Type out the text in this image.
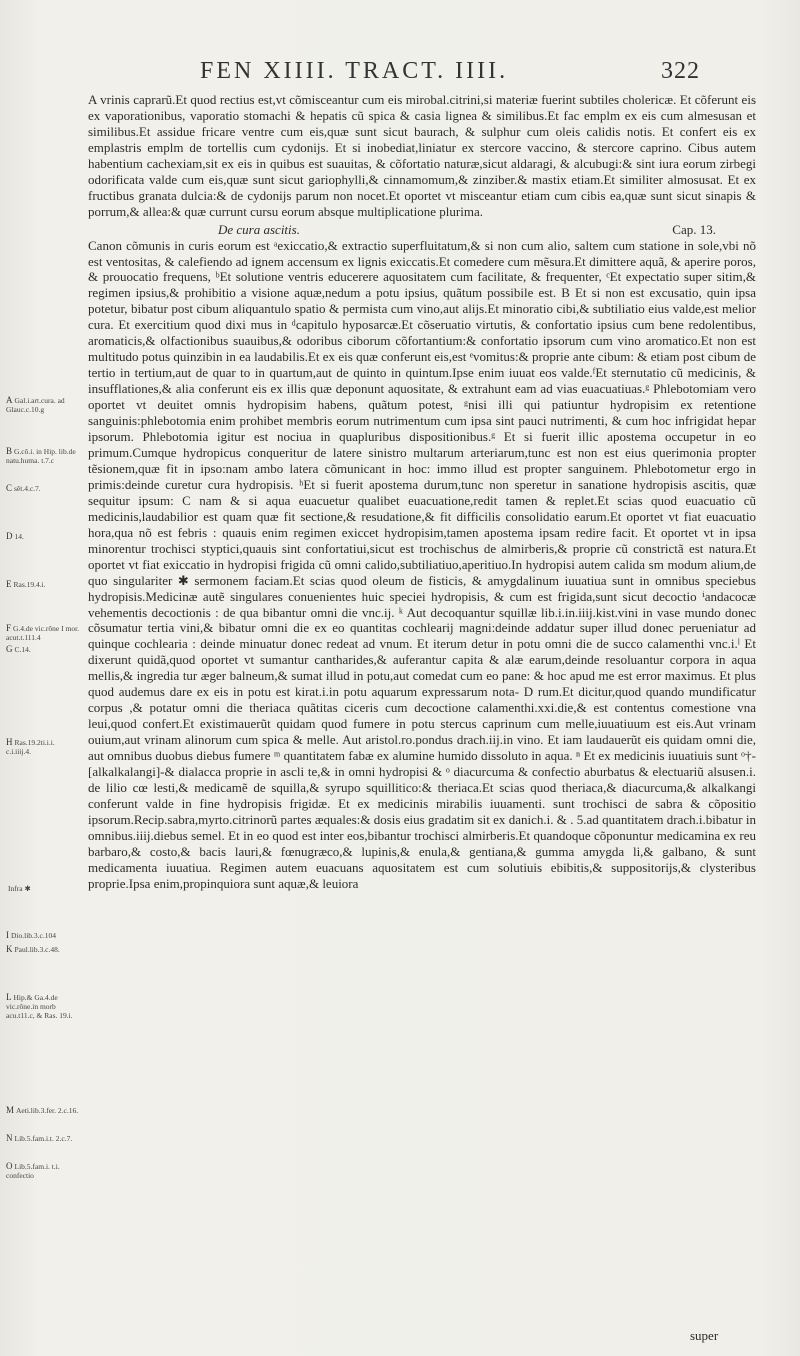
FEN XIIII. TRACT. IIII.	322
A Gal.i.art.cura. ad Glauc.c.10.g
B G.cõ.i. in Hip. lib.de natu.huma. t.7.c
C sẽt.4.c.7.
D 14.
E Ras.19.4.i.
F G.4.de vic.rõne I mor. acut.t.111.4
G C.14.
H Ras.19.2ti.i.i. c.i.iiij.4.
Infra ✱
I Dio.lib.3.c.104
K Paul.lib.3.c.48.
L Hip.& Ga.4.de vic.rõne.in morb acu.t11.c, & Ras. 19.i.
M Aeti.lib.3.fer. 2.c.16.
N Lib.5.fam.i.t. 2.c.7.
O Lib.5.fam.i. t.i. confectio

A vrinis caprarũ.Et quod rectius est,vt cõmisceantur cum eis mirobal.citrini,si materiæ fuerint subtiles cholericæ. Et cõferunt eis ex vaporationibus, vaporatio stomachi & hepatis cũ spica & casia lignea & similibus.Et fac emplm ex eis cum almesusan et similibus.Et assidue fricare ventre cum eis,quæ sunt sicut baurach, & sulphur cum oleis calidis notis. Et confert eis ex emplastris emplm de tortellis cum cydonijs. Et si inobediat,liniatur ex stercore vaccino, & stercore caprino. Cibus autem habentium cachexiam,sit ex eis in quibus est suauitas, & cõfortatio naturæ,sicut aldaragi, & alcubugi:& sint iura eorum zirbegi odorificata valde cum eis,quæ sunt sicut gariophylli,& cinnamomum,& zinziber.& mastix etiam.Et similiter almosusat. Et ex fructibus granata dulcia:& de cydonijs parum non nocet.Et oportet vt misceantur etiam cum cibis ea,quæ sunt sicut sinapis & porrum,& allea:& quæ currunt cursu eorum absque multiplicatione plurima.

De cura ascitis.	Cap. 13.

Canon cõmunis in curis eorum est ᵃexiccatio,& extractio superfluitatum,& si non cum alio, saltem cum statione in sole,vbi nõ est ventositas, & calefiendo ad ignem accensum ex lignis exiccatis.Et comedere cum mẽsura.Et dimittere aquã, & aperire poros, & prouocatio frequens, ᵇEt solutione ventris educerere aquositatem cum facilitate, & frequenter, ᶜEt expectatio super sitim,& regimen ipsius,& prohibitio a visione aquæ,nedum a potu ipsius, quãtum possibile est. B Et si non est excusatio, quin ipsa potetur, bibatur post cibum aliquantulo spatio & permista cum vino,aut alijs.Et minoratio cibi,& subtiliatio eius valde,est melior cura. Et exercitium quod dixi mus in ᵈcapitulo hyposarcæ.Et cõseruatio virtutis, & confortatio ipsius cum bene redolentibus, aromaticis,& olfactionibus suauibus,& odoribus ciborum cõfortantium:& confortatio ipsorum cum vino aromatico.Et non est multitudo potus quinzibin in ea laudabilis.Et ex eis quæ conferunt eis,est ᵉvomitus:& proprie ante cibum: & etiam post cibum de tertio in tertium,aut de quar to in quartum,aut de quinto in quintum.Ipse enim iuuat eos valde.ᶠEt sternutatio cũ medicinis, & insufflationes,& alia conferunt eis ex illis quæ deponunt aquositate, & extrahunt eam ad vias euacuatiuas.ᵍ Phlebotomiam vero oportet vt deuitet omnis hydropisim habens, quãtum potest, ᵍnisi illi qui patiuntur hydropisim ex retentione sanguinis:phlebotomia enim prohibet membris eorum nutrimentum cum ipsa sint pauci nutrimenti, & cum hoc infrigidat hepar ipsorum. Phlebotomia igitur est nociua in quapluribus dispositionibus.ᵍ Et si fuerit illic apostema occupetur in eo primum.Cumque hydropicus conqueritur de latere sinistro multarum arteriarum,tunc est non est eius querimonia propter tẽsionem,quæ fit in ipso:nam ambo latera cõmunicant in hoc: immo illud est propter sanguinem. Phlebotometur ergo in primis:deinde curetur cura hydropisis. ʰEt si fuerit apostema durum,tunc non speretur in sanatione hydropisis ascitis, quæ sequitur ipsum: C nam & si aqua euacuetur qualibet euacuatione,redit tamen & replet.Et scias quod euacuatio cũ medicinis,laudabilior est quam quæ fit sectione,& resudatione,& fit difficilis consolidatio earum.Et oportet vt fiat euacuatio hora,qua nõ est febris : quauis enim regimen exiccet hydropisim,tamen apostema ipsam redire facit. Et oportet vt in ipsa minorentur trochisci styptici,quauis sint confortatiui,sicut est trochischus de almirberis,& proprie cũ constrictã est natura.Et oportet vt fiat exiccatio in hydropisi frigida cũ omni calido,subtiliatiuo,aperitiuo.In hydropisi autem calida sm modum alium,de quo singulariter ✱ sermonem faciam.Et scias quod oleum de fisticis, & amygdalinum iuuatiua sunt in omnibus speciebus hydropisis.Medicinæ autẽ singulares conuenientes huic speciei hydropisis, & cum est frigida,sunt sicut decoctio ⁱandacocæ vehementis decoctionis : de qua bibantur omni die vnc.ij. ᵏ Aut decoquantur squillæ lib.i.in.iiij.kist.vini in vase mundo donec cõsumatur tertia vini,& bibatur omni die ex eo quantitas cochlearij magni:deinde addatur super illud donec perueniatur ad quinque cochlearia : deinde minuatur donec redeat ad vnum. Et iterum detur in potu omni die de succo calamenthi vnc.i.ˡ Et dixerunt quidã,quod oportet vt sumantur cantharides,& auferantur capita & alæ earum,deinde resoluantur corpora in aqua mellis,& ingredia tur æger balneum,& sumat illud in potu,aut comedat cum eo pane: & hoc apud me est error maximus. Et plus quod audemus dare ex eis in potu est kirat.i.in potu aquarum expressarum nota- D rum.Et dicitur,quod quando mundificatur corpus ,& potatur omni die theriaca quãtitas ciceris cum decoctione calamenthi.xxi.die,& est contentus comestione vna leui,quod confert.Et existimauerũt quidam quod fumere in potu stercus caprinum cum melle,iuuatiuum est eis.Aut vrinam ouium,aut vrinam alinorum cum spica & melle. Aut aristol.ro.pondus drach.iij.in vino. Et iam laudauerũt eis quidam omni die, aut omnibus duobus diebus fumere ᵐ quantitatem fabæ ex alumine humido dissoluto in aqua. ⁿ Et ex medicinis iuuatiuis sunt ᵒ†-[alkalkalangi]-& dialacca proprie in ascli te,& in omni hydropisi & ᵒ diacurcuma & confectio aburbatus & electuariũ alsusen.i. de lilio cœ lesti,& medicamẽ de squilla,& syrupo squillitico:& theriaca.Et scias quod theriaca,& diacurcuma,& alkalkangi conferunt valde in fine hydropisis frigidæ. Et ex medicinis mirabilis iuuamenti. sunt trochisci de sabra & cõpositio ipsorum.Recip.sabra,myrto.citrinorũ partes æquales:& dosis eius gradatim sit ex danich.i. & . 5.ad quantitatem drach.i.bibatur in omnibus.iiij.diebus semel. Et in eo quod est inter eos,bibantur trochisci almirberis.Et quandoque cõponuntur medicamina ex reu barbaro,& costo,& bacis lauri,& fœnugræco,& lupinis,& enula,& gentiana,& gumma amygda li,& galbano, & sunt medicamenta iuuatiua. Regimen autem euacuans aquositatem est cum solutiuis ebibitis,& suppositorijs,& clysteribus proprie.Ipsa enim,propinquiora sunt aquæ,& leuiora

super
